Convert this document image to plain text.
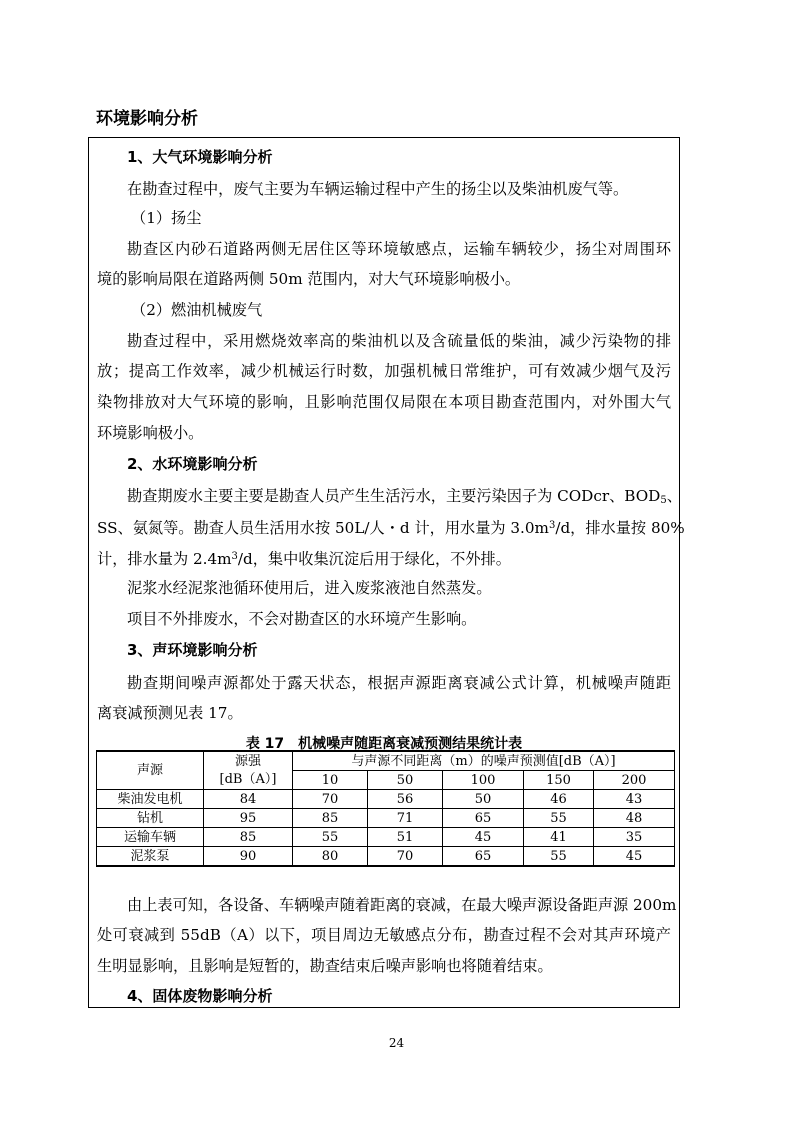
环境影响分析
1、大气环境影响分析
在勘查过程中，废气主要为车辆运输过程中产生的扬尘以及柴油机废气等。
（1）扬尘
勘查区内砂石道路两侧无居住区等环境敏感点，运输车辆较少，扬尘对周围环
境的影响局限在道路两侧 50m 范围内，对大气环境影响极小。
（2）燃油机械废气
勘查过程中，采用燃烧效率高的柴油机以及含硫量低的柴油，减少污染物的排
放；提高工作效率，减少机械运行时数，加强机械日常维护，可有效减少烟气及污
染物排放对大气环境的影响，且影响范围仅局限在本项目勘查范围内，对外围大气
环境影响极小。
2、水环境影响分析
勘查期废水主要主要是勘查人员产生生活污水，主要污染因子为 CODcr、$BOD_5$、
SS、氨氮等。勘查人员生活用水按 50L/人・d 计，用水量为 $3.0m^3/d$，排水量按 80%
计，排水量为 $2.4m^3/d$，集中收集沉淀后用于绿化，不外排。
泥浆水经泥浆池循环使用后，进入废浆液池自然蒸发。
项目不外排废水，不会对勘查区的水环境产生影响。
3、声环境影响分析
勘查期间噪声源都处于露天状态，根据声源距离衰减公式计算，机械噪声随距
离衰减预测见表 17。
表 17　机械噪声随距离衰减预测结果统计表
声源	源强	与声源不同距离（m）的噪声预测值[dB（A）]				
	[dB（A）]	10	50	100	150	200
柴油发电机	84	70	56	50	46	43
钻机	95	85	71	65	55	48
运输车辆	85	55	51	45	41	35
泥浆泵	90	80	70	65	55	45
由上表可知，各设备、车辆噪声随着距离的衰减，在最大噪声源设备距声源 200m
处可衰减到 55dB（A）以下，项目周边无敏感点分布，勘查过程不会对其声环境产
生明显影响，且影响是短暂的，勘查结束后噪声影响也将随着结束。
4、固体废物影响分析
24
